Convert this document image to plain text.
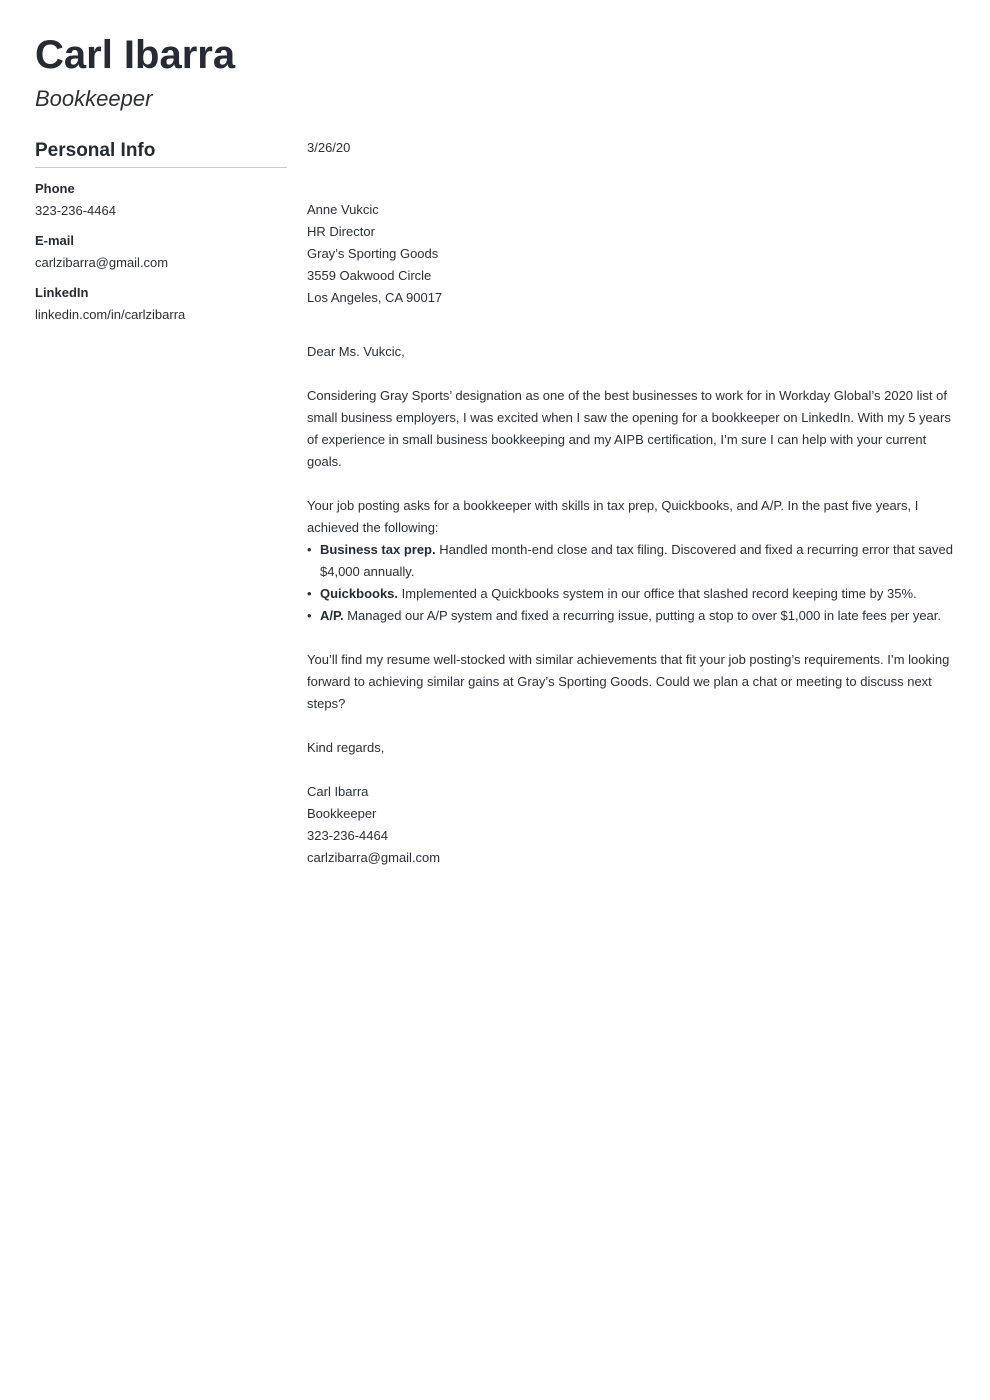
Carl Ibarra
Bookkeeper
Personal Info
Phone
323-236-4464
E-mail
carlzibarra@gmail.com
LinkedIn
linkedin.com/in/carlzibarra

3/26/20

Anne Vukcic

HR Director

Gray’s Sporting Goods

3559 Oakwood Circle

Los Angeles, CA 90017

Dear Ms. Vukcic,

Considering Gray Sports’ designation as one of the best businesses to work for in Workday Global’s 2020 list of small business employers, I was excited when I saw the opening for a bookkeeper on LinkedIn. With my 5 years of experience in small business bookkeeping and my AIPB certification, I’m sure I can help with your current goals.

Your job posting asks for a bookkeeper with skills in tax prep, Quickbooks, and A/P. In the past five years, I achieved the following:

• Business tax prep. Handled month-end close and tax filing. Discovered and fixed a recurring error that saved $4,000 annually.
• Quickbooks. Implemented a Quickbooks system in our office that slashed record keeping time by 35%.
• A/P. Managed our A/P system and fixed a recurring issue, putting a stop to over $1,000 in late fees per year.

You’ll find my resume well-stocked with similar achievements that fit your job posting’s requirements. I’m looking forward to achieving similar gains at Gray’s Sporting Goods. Could we plan a chat or meeting to discuss next steps?

Kind regards,

Carl Ibarra

Bookkeeper

323-236-4464

carlzibarra@gmail.com
